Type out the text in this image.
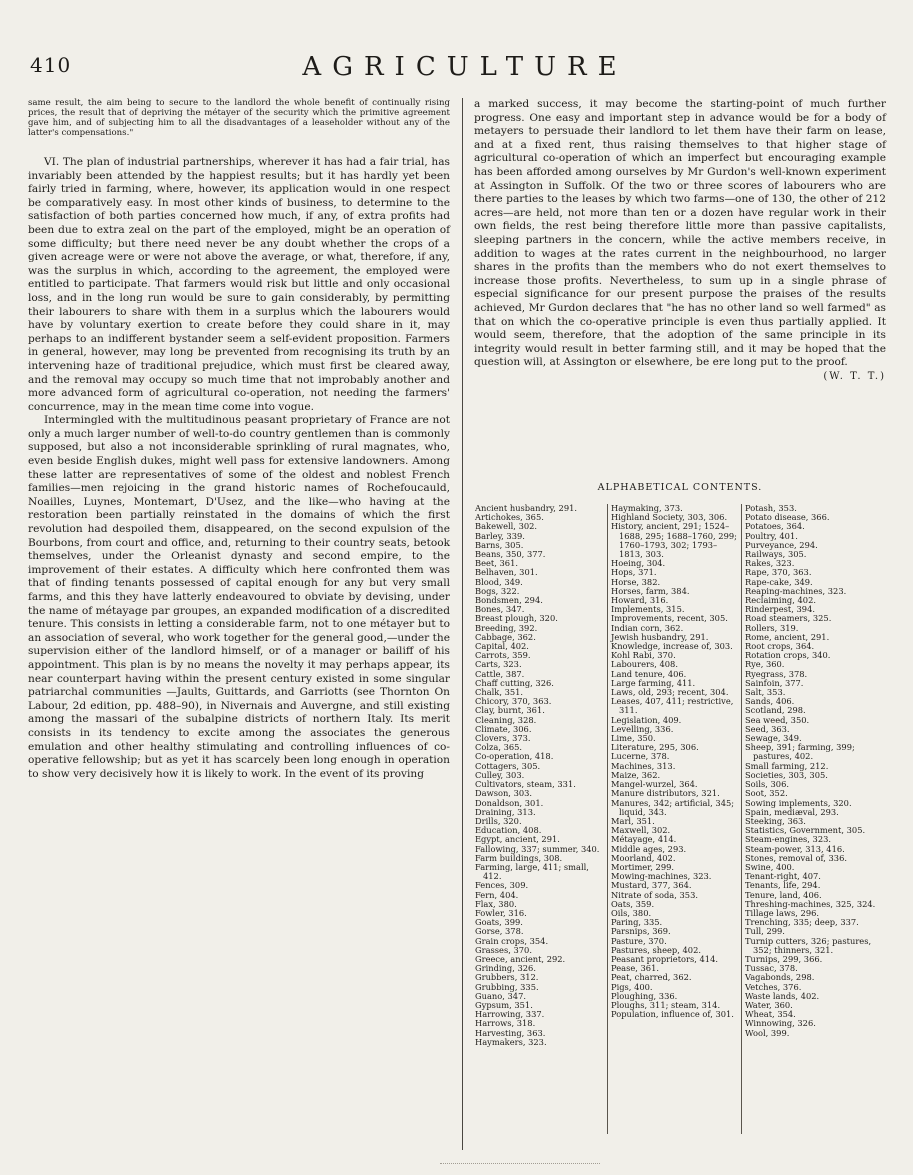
410	AGRICULTURE

same result, the aim being to secure to the landlord the whole benefit of continually rising prices, the result that of depriving the métayer of the security which the primitive agreement gave him, and of subjecting him to all the disadvantages of a leaseholder without any of the latter's compensations."

VI. The plan of industrial partnerships, wherever it has had a fair trial, has invariably been attended by the happiest results; but it has hardly yet been fairly tried in farming, where, however, its application would in one respect be comparatively easy. In most other kinds of business, to determine to the satisfaction of both parties concerned how much, if any, of extra profits had been due to extra zeal on the part of the employed, might be an operation of some difficulty; but there need never be any doubt whether the crops of a given acreage were or were not above the average, or what, therefore, if any, was the surplus in which, according to the agreement, the employed were entitled to participate. That farmers would risk but little and only occasional loss, and in the long run would be sure to gain considerably, by permitting their labourers to share with them in a surplus which the labourers would have by voluntary exertion to create before they could share in it, may perhaps to an indifferent bystander seem a self-evident proposition. Farmers in general, however, may long be prevented from recognising its truth by an intervening haze of traditional prejudice, which must first be cleared away, and the removal may occupy so much time that not improbably another and more advanced form of agricultural co-operation, not needing the farmers' concurrence, may in the mean time come into vogue.

Intermingled with the multitudinous peasant proprietary of France are not only a much larger number of well-to-do country gentlemen than is commonly supposed, but also a not inconsiderable sprinkling of rural magnates, who, even beside English dukes, might well pass for extensive landowners. Among these latter are representatives of some of the oldest and noblest French families—men rejoicing in the grand historic names of Rochefoucauld, Noailles, Luynes, Montemart, D'Usez, and the like—who having at the restoration been partially reinstated in the domains of which the first revolution had despoiled them, disappeared, on the second expulsion of the Bourbons, from court and office, and, returning to their country seats, betook themselves, under the Orleanist dynasty and second empire, to the improvement of their estates. A difficulty which here confronted them was that of finding tenants possessed of capital enough for any but very small farms, and this they have latterly endeavoured to obviate by devising, under the name of métayage par groupes, an expanded modification of a discredited tenure. This consists in letting a considerable farm, not to one métayer but to an association of several, who work together for the general good,—under the supervision either of the landlord himself, or of a manager or bailiff of his appointment. This plan is by no means the novelty it may perhaps appear, its near counterpart having within the present century existed in some singular patriarchal communities —Jaults, Guittards, and Garriotts (see Thornton On Labour, 2d edition, pp. 488–90), in Nivernais and Auvergne, and still existing among the massari of the subalpine districts of northern Italy. Its merit consists in its tendency to excite among the associates the generous emulation and other healthy stimulating and controlling influences of co-operative fellowship; but as yet it has scarcely been long enough in operation to show very decisively how it is likely to work. In the event of its proving

a marked success, it may become the starting-point of much further progress. One easy and important step in advance would be for a body of metayers to persuade their landlord to let them have their farm on lease, and at a fixed rent, thus raising themselves to that higher stage of agricultural co-operation of which an imperfect but encouraging example has been afforded among ourselves by Mr Gurdon's well-known experiment at Assington in Suffolk. Of the two or three scores of labourers who are there parties to the leases by which two farms—one of 130, the other of 212 acres—are held, not more than ten or a dozen have regular work in their own fields, the rest being therefore little more than passive capitalists, sleeping partners in the concern, while the active members receive, in addition to wages at the rates current in the neighbourhood, no larger shares in the profits than the members who do not exert themselves to increase those profits. Nevertheless, to sum up in a single phrase of especial significance for our present purpose the praises of the results achieved, Mr Gurdon declares that "he has no other land so well farmed" as that on which the co-operative principle is even thus partially applied. It would seem, therefore, that the adoption of the same principle in its integrity would result in better farming still, and it may be hoped that the question will, at Assington or elsewhere, be ere long put to the proof.
(W. T. T.)

ALPHABETICAL CONTENTS.
Ancient husbandry, 291.
Artichokes, 365.
Bakewell, 302.
Barley, 339.
Barns, 305.
Beans, 350, 377.
Beet, 361.
Belhaven, 301.
Blood, 349.
Bogs, 322.
Bondsmen, 294.
Bones, 347.
Breast plough, 320.
Breeding, 392.
Cabbage, 362.
Capital, 402.
Carrots, 359.
Carts, 323.
Cattle, 387.
Chaff cutting, 326.
Chalk, 351.
Chicory, 370, 363.
Clay, burnt, 361.
Cleaning, 328.
Climate, 306.
Clovers, 373.
Colza, 365.
Co-operation, 418.
Cottagers, 305.
Culley, 303.
Cultivators, steam, 331.
Dawson, 303.
Donaldson, 301.
Draining, 313.
Drills, 320.
Education, 408.
Egypt, ancient, 291.
Fallowing, 337; summer, 340.
Farm buildings, 308.
Farming, large, 411; small, 412.
Fences, 309.
Fern, 404.
Flax, 380.
Fowler, 316.
Goats, 399.
Gorse, 378.
Grain crops, 354.
Grasses, 370.
Greece, ancient, 292.
Grinding, 326.
Grubbers, 312.
Grubbing, 335.
Guano, 347.
Gypsum, 351.
Harrowing, 337.
Harrows, 318.
Harvesting, 363.
Haymakers, 323.
Haymaking, 373.
Highland Society, 303, 306.
History, ancient, 291; 1524–1688, 295; 1688–1760, 299; 1760–1793, 302; 1793–1813, 303.
Hoeing, 304.
Hops, 371.
Horse, 382.
Horses, farm, 384.
Howard, 316.
Implements, 315.
Improvements, recent, 305.
Indian corn, 362.
Jewish husbandry, 291.
Knowledge, increase of, 303.
Kohl Rabi, 370.
Labourers, 408.
Land tenure, 406.
Large farming, 411.
Laws, old, 293; recent, 304.
Leases, 407, 411; restrictive, 311.
Legislation, 409.
Levelling, 336.
Lime, 350.
Literature, 295, 306.
Lucerne, 378.
Machines, 313.
Maize, 362.
Mangel-wurzel, 364.
Manure distributors, 321.
Manures, 342; artificial, 345; liquid, 343.
Marl, 351.
Maxwell, 302.
Métayage, 414.
Middle ages, 293.
Moorland, 402.
Mortimer, 299.
Mowing-machines, 323.
Mustard, 377, 364.
Nitrate of soda, 353.
Oats, 359.
Oils, 380.
Paring, 335.
Parsnips, 369.
Pasture, 370.
Pastures, sheep, 402.
Peasant proprietors, 414.
Pease, 361.
Peat, charred, 362.
Pigs, 400.
Ploughing, 336.
Ploughs, 311; steam, 314.
Population, influence of, 301.
Potash, 353.
Potato disease, 366.
Potatoes, 364.
Poultry, 401.
Purveyance, 294.
Railways, 305.
Rakes, 323.
Rape, 370, 363.
Rape-cake, 349.
Reaping-machines, 323.
Reclaiming, 402.
Rinderpest, 394.
Road steamers, 325.
Rollers, 319.
Rome, ancient, 291.
Root crops, 364.
Rotation crops, 340.
Rye, 360.
Ryegrass, 378.
Sainfoin, 377.
Salt, 353.
Sands, 406.
Scotland, 298.
Sea weed, 350.
Seed, 363.
Sewage, 349.
Sheep, 391; farming, 399; pastures, 402.
Small farming, 212.
Societies, 303, 305.
Soils, 306.
Soot, 352.
Sowing implements, 320.
Spain, mediæval, 293.
Steeking, 363.
Statistics, Government, 305.
Steam-engines, 323.
Steam-power, 313, 416.
Stones, removal of, 336.
Swine, 400.
Tenant-right, 407.
Tenants, life, 294.
Tenure, land, 406.
Threshing-machines, 325, 324.
Tillage laws, 296.
Trenching, 335; deep, 337.
Tull, 299.
Turnip cutters, 326; pastures, 352; thinners, 321.
Turnips, 299, 366.
Tussac, 378.
Vagabonds, 298.
Vetches, 376.
Waste lands, 402.
Water, 360.
Wheat, 354.
Winnowing, 326.
Wool, 399.
